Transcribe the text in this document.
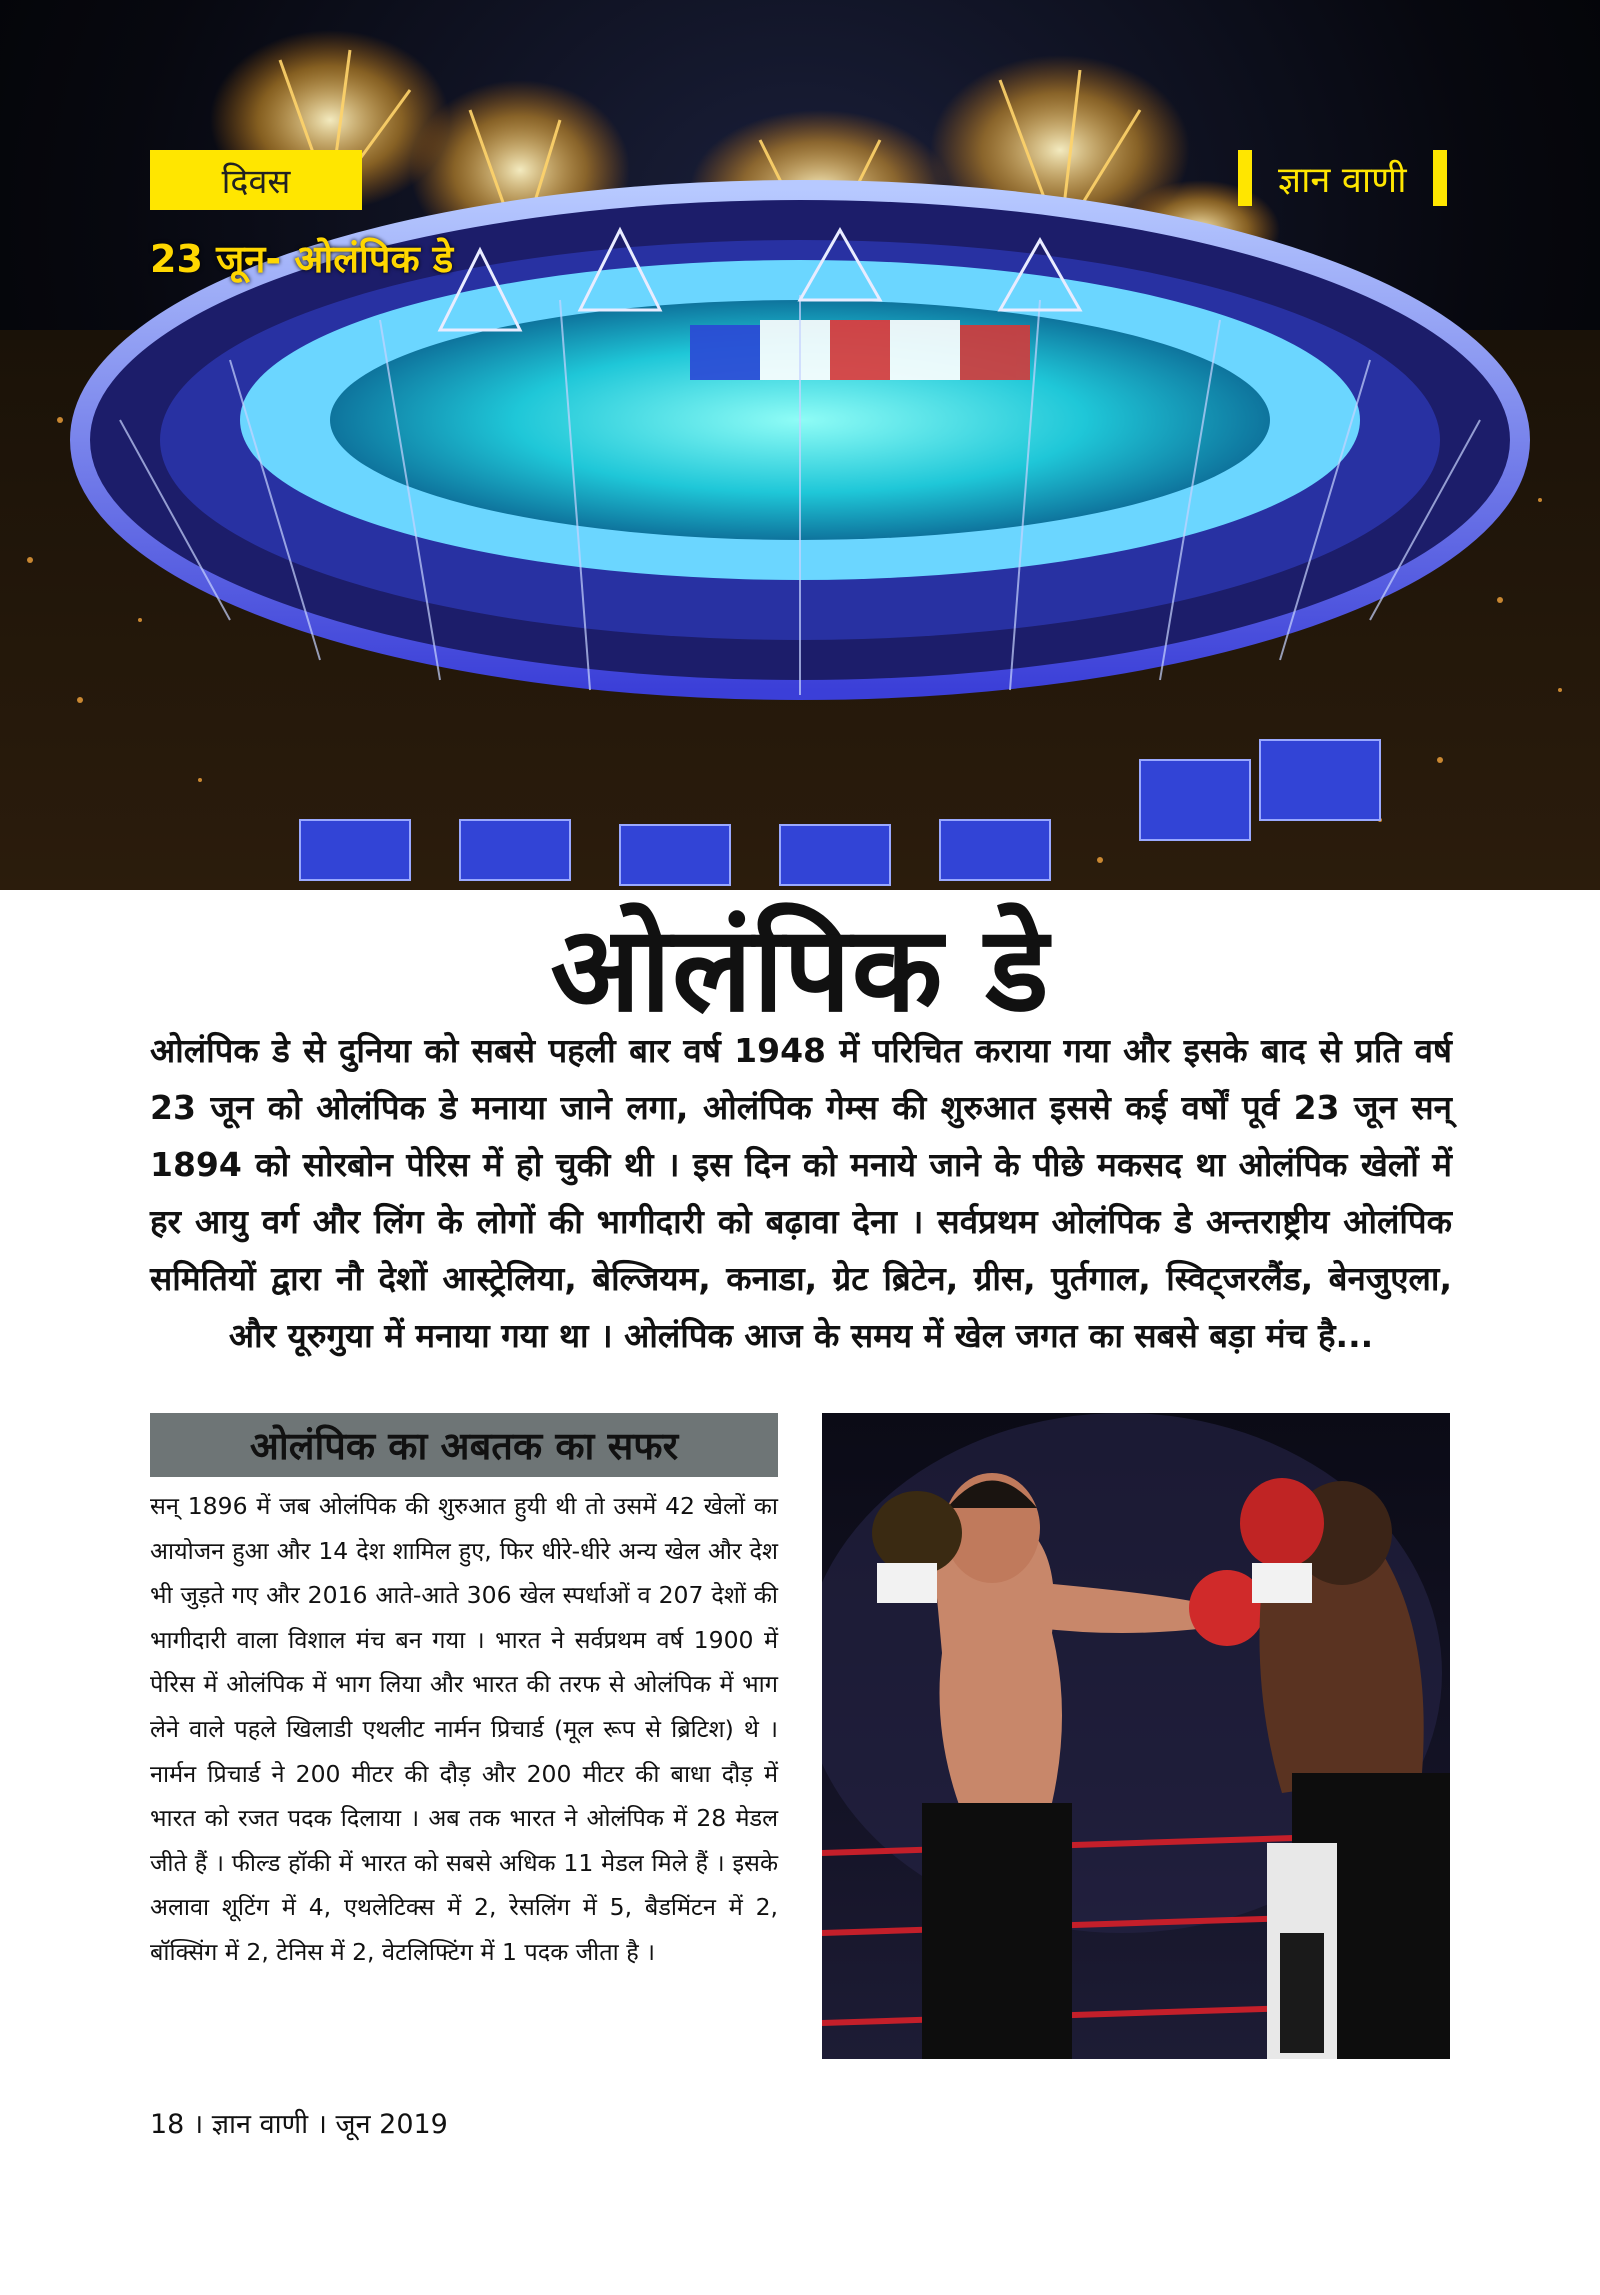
दिवस
23 जून- ओलंपिक डे
ज्ञान वाणी
ओलंपिक डे
ओलंपिक डे से दुनिया को सबसे पहली बार वर्ष 1948 में परिचित कराया गया और इसके बाद से प्रति वर्ष 23 जून को ओलंपिक डे मनाया जाने लगा, ओलंपिक गेम्स की शुरुआत इससे कई वर्षों पूर्व 23 जून सन् 1894 को सोरबोन पेरिस में हो चुकी थी । इस दिन को मनाये जाने के पीछे मकसद था ओलंपिक खेलों में हर आयु वर्ग और लिंग के लोगों की भागीदारी को बढ़ावा देना । सर्वप्रथम ओलंपिक डे अन्तराष्ट्रीय ओलंपिक समितियों द्वारा नौ देशों आस्ट्रेलिया, बेल्जियम, कनाडा, ग्रेट ब्रिटेन, ग्रीस, पुर्तगाल, स्विट्जरलैंड, बेनजुएला, और यूरुगुया में मनाया गया था । ओलंपिक आज के समय में खेल जगत का सबसे बड़ा मंच है...
ओलंपिक का अबतक का सफर
सन् 1896 में जब ओलंपिक की शुरुआत हुयी थी तो उसमें 42 खेलों का आयोजन हुआ और 14 देश शामिल हुए, फिर धीरे-धीरे अन्य खेल और देश भी जुड़ते गए और 2016 आते-आते 306 खेल स्पर्धाओं व 207 देशों की भागीदारी वाला विशाल मंच बन गया । भारत ने सर्वप्रथम वर्ष 1900 में पेरिस में ओलंपिक में भाग लिया और भारत की तरफ से ओलंपिक में भाग लेने वाले पहले खिलाडी एथलीट नार्मन प्रिचार्ड (मूल रूप से ब्रिटिश) थे । नार्मन प्रिचार्ड ने 200 मीटर की दौड़ और 200 मीटर की बाधा दौड़ में भारत को रजत पदक दिलाया । अब तक भारत ने ओलंपिक में 28 मेडल जीते हैं । फील्ड हॉकी में भारत को सबसे अधिक 11 मेडल मिले हैं । इसके अलावा शूटिंग में 4, एथलेटिक्स में 2, रेसलिंग में 5, बैडमिंटन में 2, बॉक्सिंग में 2, टेनिस में 2, वेटलिफ्टिंग में 1 पदक जीता है ।
18 । ज्ञान वाणी । जून 2019
